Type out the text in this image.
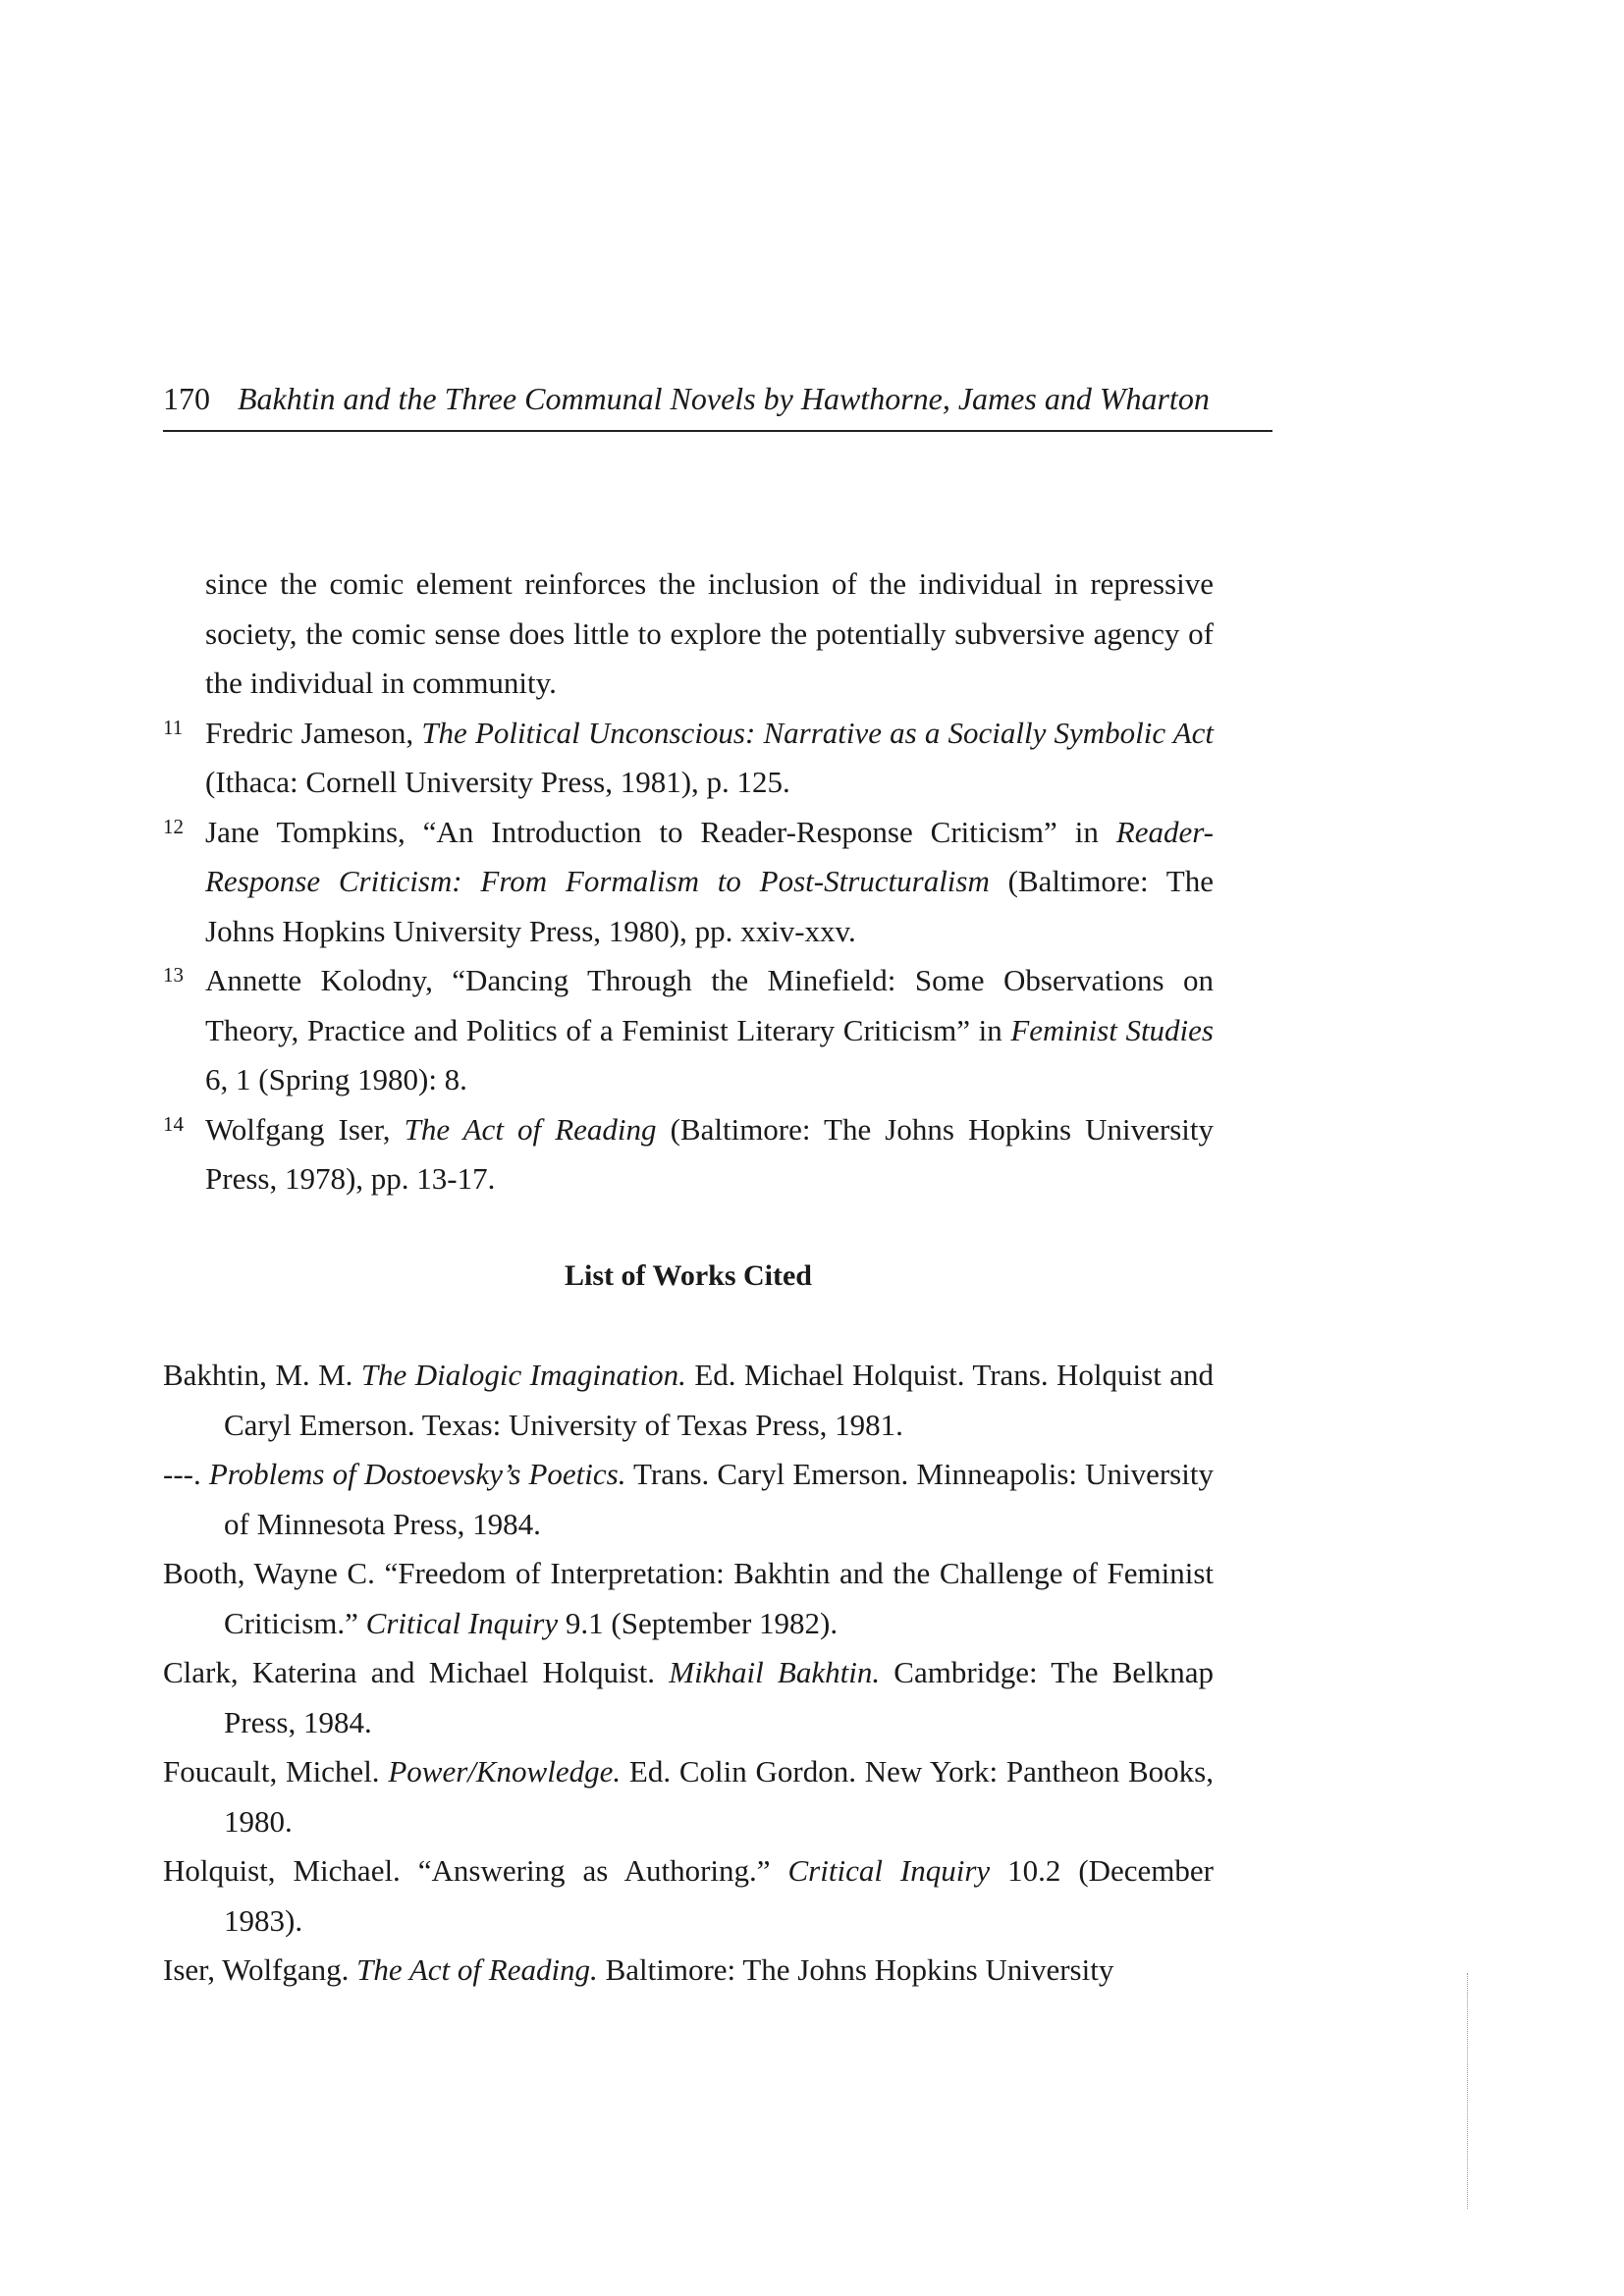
170 Bakhtin and the Three Communal Novels by Hawthorne, James and Wharton
since the comic element reinforces the inclusion of the individual in repressive society, the comic sense does little to explore the potentially subversive agency of the individual in community.
11 Fredric Jameson, The Political Unconscious: Narrative as a Socially Symbolic Act (Ithaca: Cornell University Press, 1981), p. 125.
12 Jane Tompkins, “An Introduction to Reader-Response Criticism” in Reader-Response Criticism: From Formalism to Post-Structuralism (Baltimore: The Johns Hopkins University Press, 1980), pp. xxiv-xxv.
13 Annette Kolodny, “Dancing Through the Minefield: Some Observations on Theory, Practice and Politics of a Feminist Literary Criticism” in Feminist Studies 6, 1 (Spring 1980): 8.
14 Wolfgang Iser, The Act of Reading (Baltimore: The Johns Hopkins University Press, 1978), pp. 13-17.
List of Works Cited
Bakhtin, M. M. The Dialogic Imagination. Ed. Michael Holquist. Trans. Holquist and Caryl Emerson. Texas: University of Texas Press, 1981.
---. Problems of Dostoevsky’s Poetics. Trans. Caryl Emerson. Minneapolis: University of Minnesota Press, 1984.
Booth, Wayne C. “Freedom of Interpretation: Bakhtin and the Challenge of Feminist Criticism.” Critical Inquiry 9.1 (September 1982).
Clark, Katerina and Michael Holquist. Mikhail Bakhtin. Cambridge: The Belknap Press, 1984.
Foucault, Michel. Power/Knowledge. Ed. Colin Gordon. New York: Pantheon Books, 1980.
Holquist, Michael. “Answering as Authoring.” Critical Inquiry 10.2 (December 1983).
Iser, Wolfgang. The Act of Reading. Baltimore: The Johns Hopkins University
